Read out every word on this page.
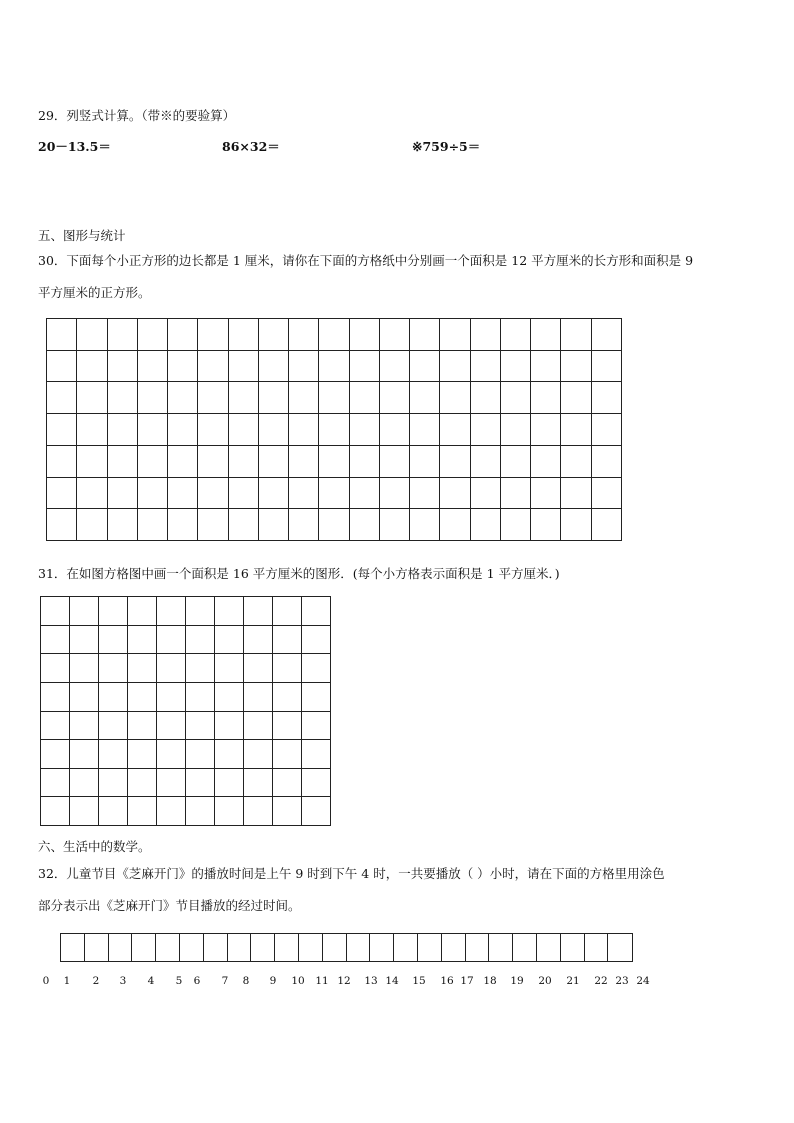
29．列竖式计算。（带※的要验算）
20－13.5＝	86×32＝	※759÷5＝
五、图形与统计
30．下面每个小正方形的边长都是 1 厘米，请你在下面的方格纸中分别画一个面积是 12 平方厘米的长方形和面积是 9
平方厘米的正方形。

31．在如图方格图中画一个面积是 16 平方厘米的图形．(每个小方格表示面积是 1 平方厘米．)

六、生活中的数学。
32．儿童节目《芝麻开门》的播放时间是上午 9 时到下午 4 时，一共要播放（ ）小时，请在下面的方格里用涂色
部分表示出《芝麻开门》节目播放的经过时间。
0 1 2 3 4 5 6 7 8 9 10 11 12 13 14 15 16 17 18 19 20 21 22 23 24
